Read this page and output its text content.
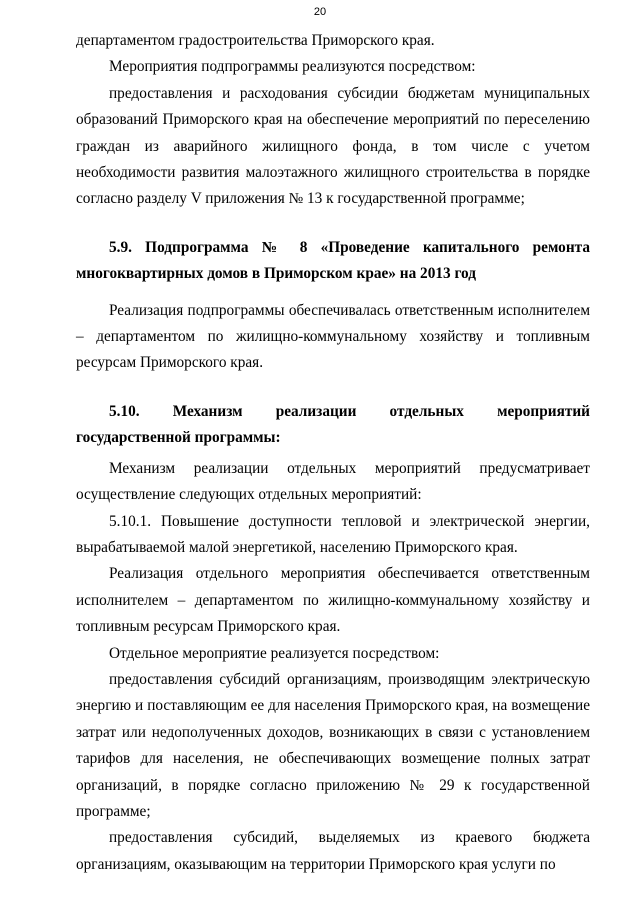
20

департаментом градостроительства Приморского края.

Мероприятия подпрограммы реализуются посредством:

предоставления и расходования субсидии бюджетам муниципальных образований Приморского края на обеспечение мероприятий по переселению граждан из аварийного жилищного фонда, в том числе с учетом необходимости развития малоэтажного жилищного строительства в порядке согласно разделу V приложения № 13 к государственной программе;

5.9. Подпрограмма № 8 «Проведение капитального ремонта многоквартирных домов в Приморском крае» на 2013 год

Реализация подпрограммы обеспечивалась ответственным исполнителем – департаментом по жилищно-коммунальному хозяйству и топливным ресурсам Приморского края.

5.10. Механизм реализации отдельных мероприятий государственной программы:

Механизм реализации отдельных мероприятий предусматривает осуществление следующих отдельных мероприятий:

5.10.1. Повышение доступности тепловой и электрической энергии, вырабатываемой малой энергетикой, населению Приморского края.

Реализация отдельного мероприятия обеспечивается ответственным исполнителем – департаментом по жилищно-коммунальному хозяйству и топливным ресурсам Приморского края.

Отдельное мероприятие реализуется посредством:

предоставления субсидий организациям, производящим электрическую энергию и поставляющим ее для населения Приморского края, на возмещение затрат или недополученных доходов, возникающих в связи с установлением тарифов для населения, не обеспечивающих возмещение полных затрат организаций, в порядке согласно приложению № 29 к государственной программе;

предоставления субсидий, выделяемых из краевого бюджета организациям, оказывающим на территории Приморского края услуги по
